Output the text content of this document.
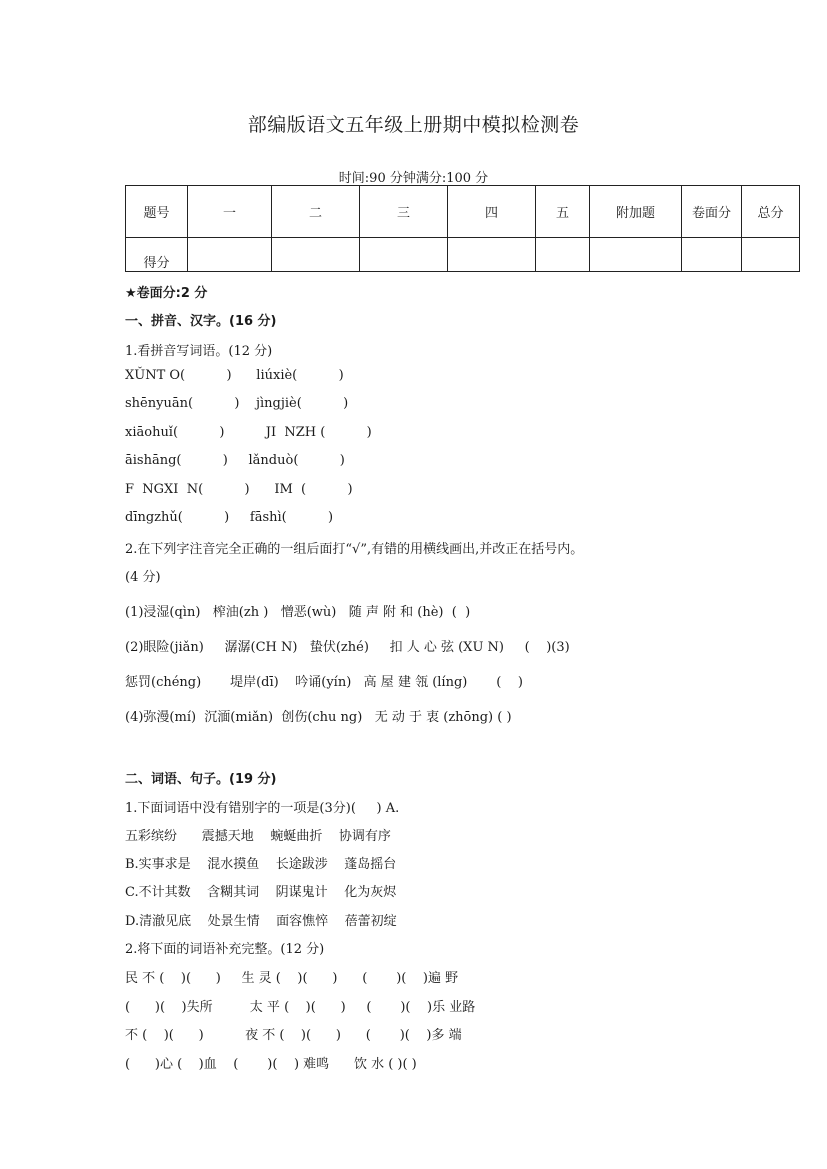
部编版语文五年级上册期中模拟检测卷
时间:90 分钟满分:100 分
题号	一	二	三	四	五	附加题	卷面分	总分
得分								
★卷面分:2 分
一、拼音、汉字。(16 分)
1.看拼音写词语。(12 分)
XǓNT O(          )      liúxiè(          )
shēnyuān(          )    jìngjiè(          )
xiāohuǐ(          )          JI  NZH (          )
āishāng(          )     lǎnduò(          )
F  NGXI  N(          )      IM  (          )
dīngzhǔ(          )     fāshì(          )
2.在下列字注音完全正确的一组后面打“√”,有错的用横线画出,并改正在括号内。
(4 分)
(1)浸湿(qìn)   榨油(zh )   憎恶(wù)   随 声 附 和 (hè)  (  )
(2)眼险(jiǎn)     潺潺(CH N)   蛰伏(zhé)     扣 人 心 弦 (XU N)     (    )(3)
惩罚(chéng)       堤岸(dī)    吟诵(yín)   高 屋 建 瓴 (líng)       (    )
(4)弥漫(mí)  沉湎(miǎn)  创伤(chu ng)   无 动 于 衷 (zhōng) ( )
二、词语、句子。(19 分)
1.下面词语中没有错别字的一项是(3分)(     ) A.
五彩缤纷      震撼天地    蜿蜒曲折    协调有序
B.实事求是    混水摸鱼    长途跋涉    蓬岛摇台
C.不计其数    含糊其词    阴谋鬼计    化为灰烬
D.清澈见底    处景生情    面容憔悴    蓓蕾初绽
2.将下面的词语补充完整。(12 分)
民 不 (    )(      )     生 灵 (    )(      )      (       )(    )遍 野
(      )(    )失所         太 平 (    )(      )     (       )(    )乐 业路
不 (    )(      )          夜 不 (    )(      )      (       )(    )多 端
(      )心 (    )血    (       )(    ) 难鸣      饮 水 ( )( )
